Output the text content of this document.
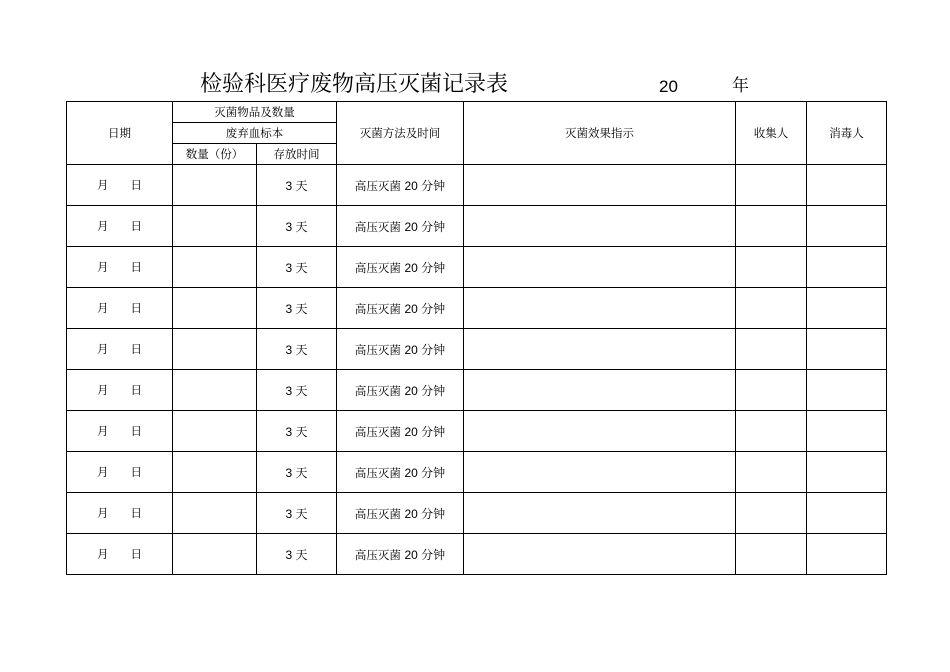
检验科医疗废物高压灭菌记录表	20	年
日期	灭菌物品及数量		灭菌方法及时间	灭菌效果指示	收集人	消毒人
	废弃血标本					
	数量（份）	存放时间				
月 日		3 天	高压灭菌 20 分钟			
月 日		3 天	高压灭菌 20 分钟			
月 日		3 天	高压灭菌 20 分钟			
月 日		3 天	高压灭菌 20 分钟			
月 日		3 天	高压灭菌 20 分钟			
月 日		3 天	高压灭菌 20 分钟			
月 日		3 天	高压灭菌 20 分钟			
月 日		3 天	高压灭菌 20 分钟			
月 日		3 天	高压灭菌 20 分钟			
月 日		3 天	高压灭菌 20 分钟			
